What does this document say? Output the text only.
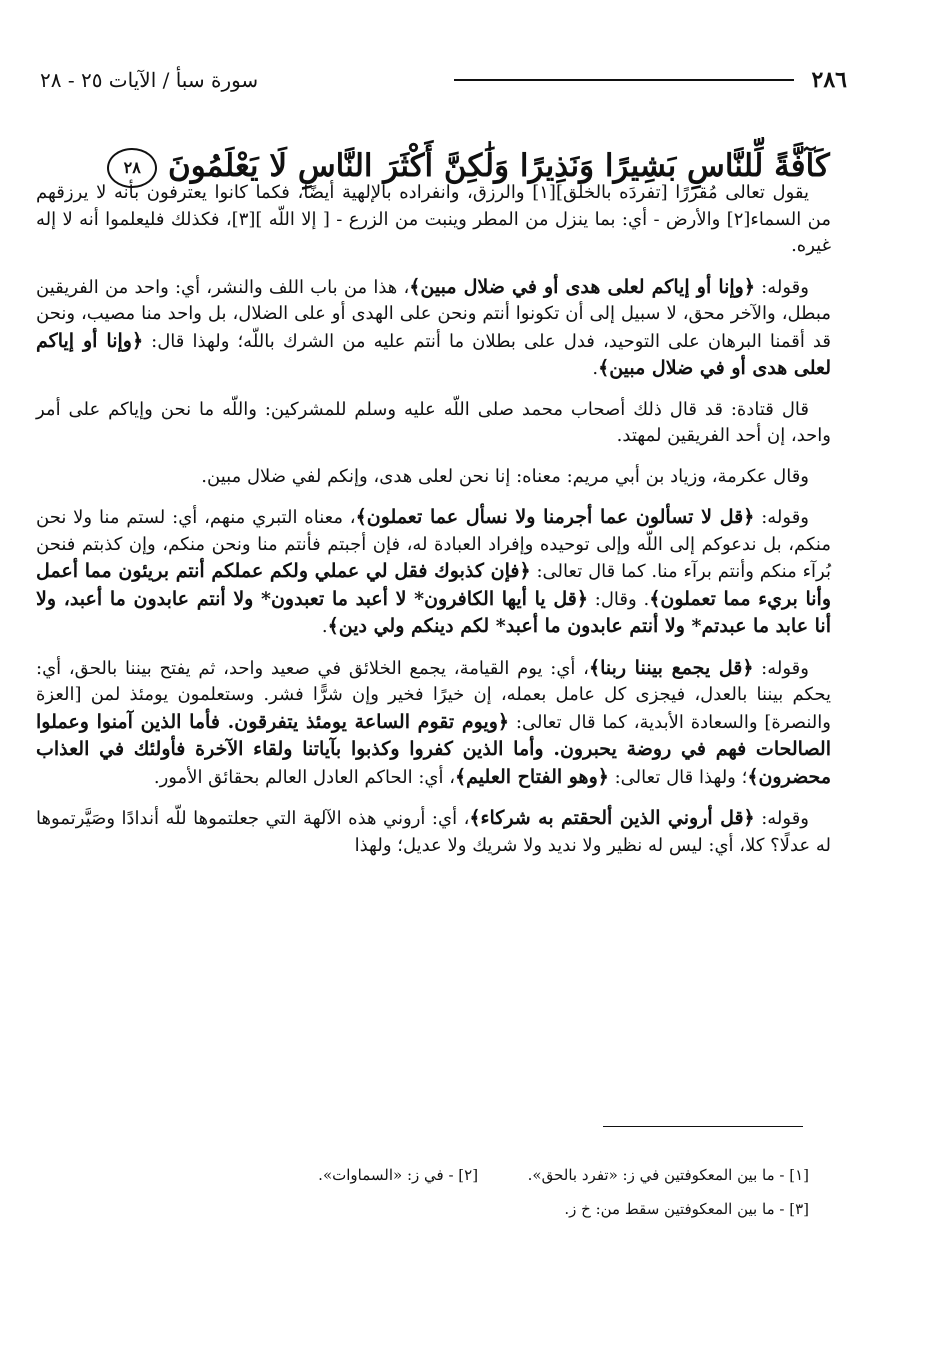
٢٨٦
سورة سبأ / الآيات ٢٥ - ٢٨
كَآفَّةً لِّلنَّاسِ بَشِيرًا وَنَذِيرًا وَلَٰكِنَّ أَكْثَرَ النَّاسِ لَا يَعْلَمُونَ ٢٨

يقول تعالى مُقررًا [تفردَه بالخلق][١] والرزق، وانفراده بالإلهية أيضًا، فكما كانوا يعترفون بأنه لا يرزقهم من السماء[٢] والأرض - أي: بما ينزل من المطر وينبت من الزرع - [ إلا اللّه ][٣]، فكذلك فليعلموا أنه لا إله غيره.

وقوله: ﴿وإنا أو إياكم لعلى هدى أو في ضلال مبين﴾، هذا من باب اللف والنشر، أي: واحد من الفريقين مبطل، والآخر محق، لا سبيل إلى أن تكونوا أنتم ونحن على الهدى أو على الضلال، بل واحد منا مصيب، ونحن قد أقمنا البرهان على التوحيد، فدل على بطلان ما أنتم عليه من الشرك باللّه؛ ولهذا قال: ﴿وإنا أو إياكم لعلى هدى أو في ضلال مبين﴾.

قال قتادة: قد قال ذلك أصحاب محمد صلى اللّه عليه وسلم للمشركين: واللّه ما نحن وإياكم على أمر واحد، إن أحد الفريقين لمهتد.

وقال عكرمة، وزياد بن أبي مريم: معناه: إنا نحن لعلى هدى، وإنكم لفي ضلال مبين.

وقوله: ﴿قل لا تسألون عما أجرمنا ولا نسأل عما تعملون﴾، معناه التبري منهم، أي: لستم منا ولا نحن منكم، بل ندعوكم إلى اللّه وإلى توحيده وإفراد العبادة له، فإن أجبتم فأنتم منا ونحن منكم، وإن كذبتم فنحن بُرآء منكم وأنتم برآء منا. كما قال تعالى: ﴿فإن كذبوك فقل لي عملي ولكم عملكم أنتم بريئون مما أعمل وأنا بريء مما تعملون﴾. وقال: ﴿قل يا أيها الكافرون* لا أعبد ما تعبدون* ولا أنتم عابدون ما أعبد، ولا أنا عابد ما عبدتم* ولا أنتم عابدون ما أعبد* لكم دينكم ولي دين﴾.

وقوله: ﴿قل يجمع بيننا ربنا﴾، أي: يوم القيامة، يجمع الخلائق في صعيد واحد، ثم يفتح بيننا بالحق، أي: يحكم بيننا بالعدل، فيجزى كل عامل بعمله، إن خيرًا فخير وإن شرًّا فشر. وستعلمون يومئذ لمن [العزة والنصرة] والسعادة الأبدية، كما قال تعالى: ﴿ويوم تقوم الساعة يومئذ يتفرقون. فأما الذين آمنوا وعملوا الصالحات فهم في روضة يحبرون. وأما الذين كفروا وكذبوا بآياتنا ولقاء الآخرة فأولئك في العذاب محضرون﴾؛ ولهذا قال تعالى: ﴿وهو الفتاح العليم﴾، أي: الحاكم العادل العالم بحقائق الأمور.

وقوله: ﴿قل أروني الذين ألحقتم به شركاء﴾، أي: أروني هذه الآلهة التي جعلتموها للّه أندادًا وصَيَّرتموها له عدلًا؟ كلا، أي: ليس له نظير ولا نديد ولا شريك ولا عديل؛ ولهذا

[١] - ما بين المعكوفتين في ز: «تفرد بالحق».  [٢] - في ز: «السماوات».
[٣] - ما بين المعكوفتين سقط من: خ ز.
